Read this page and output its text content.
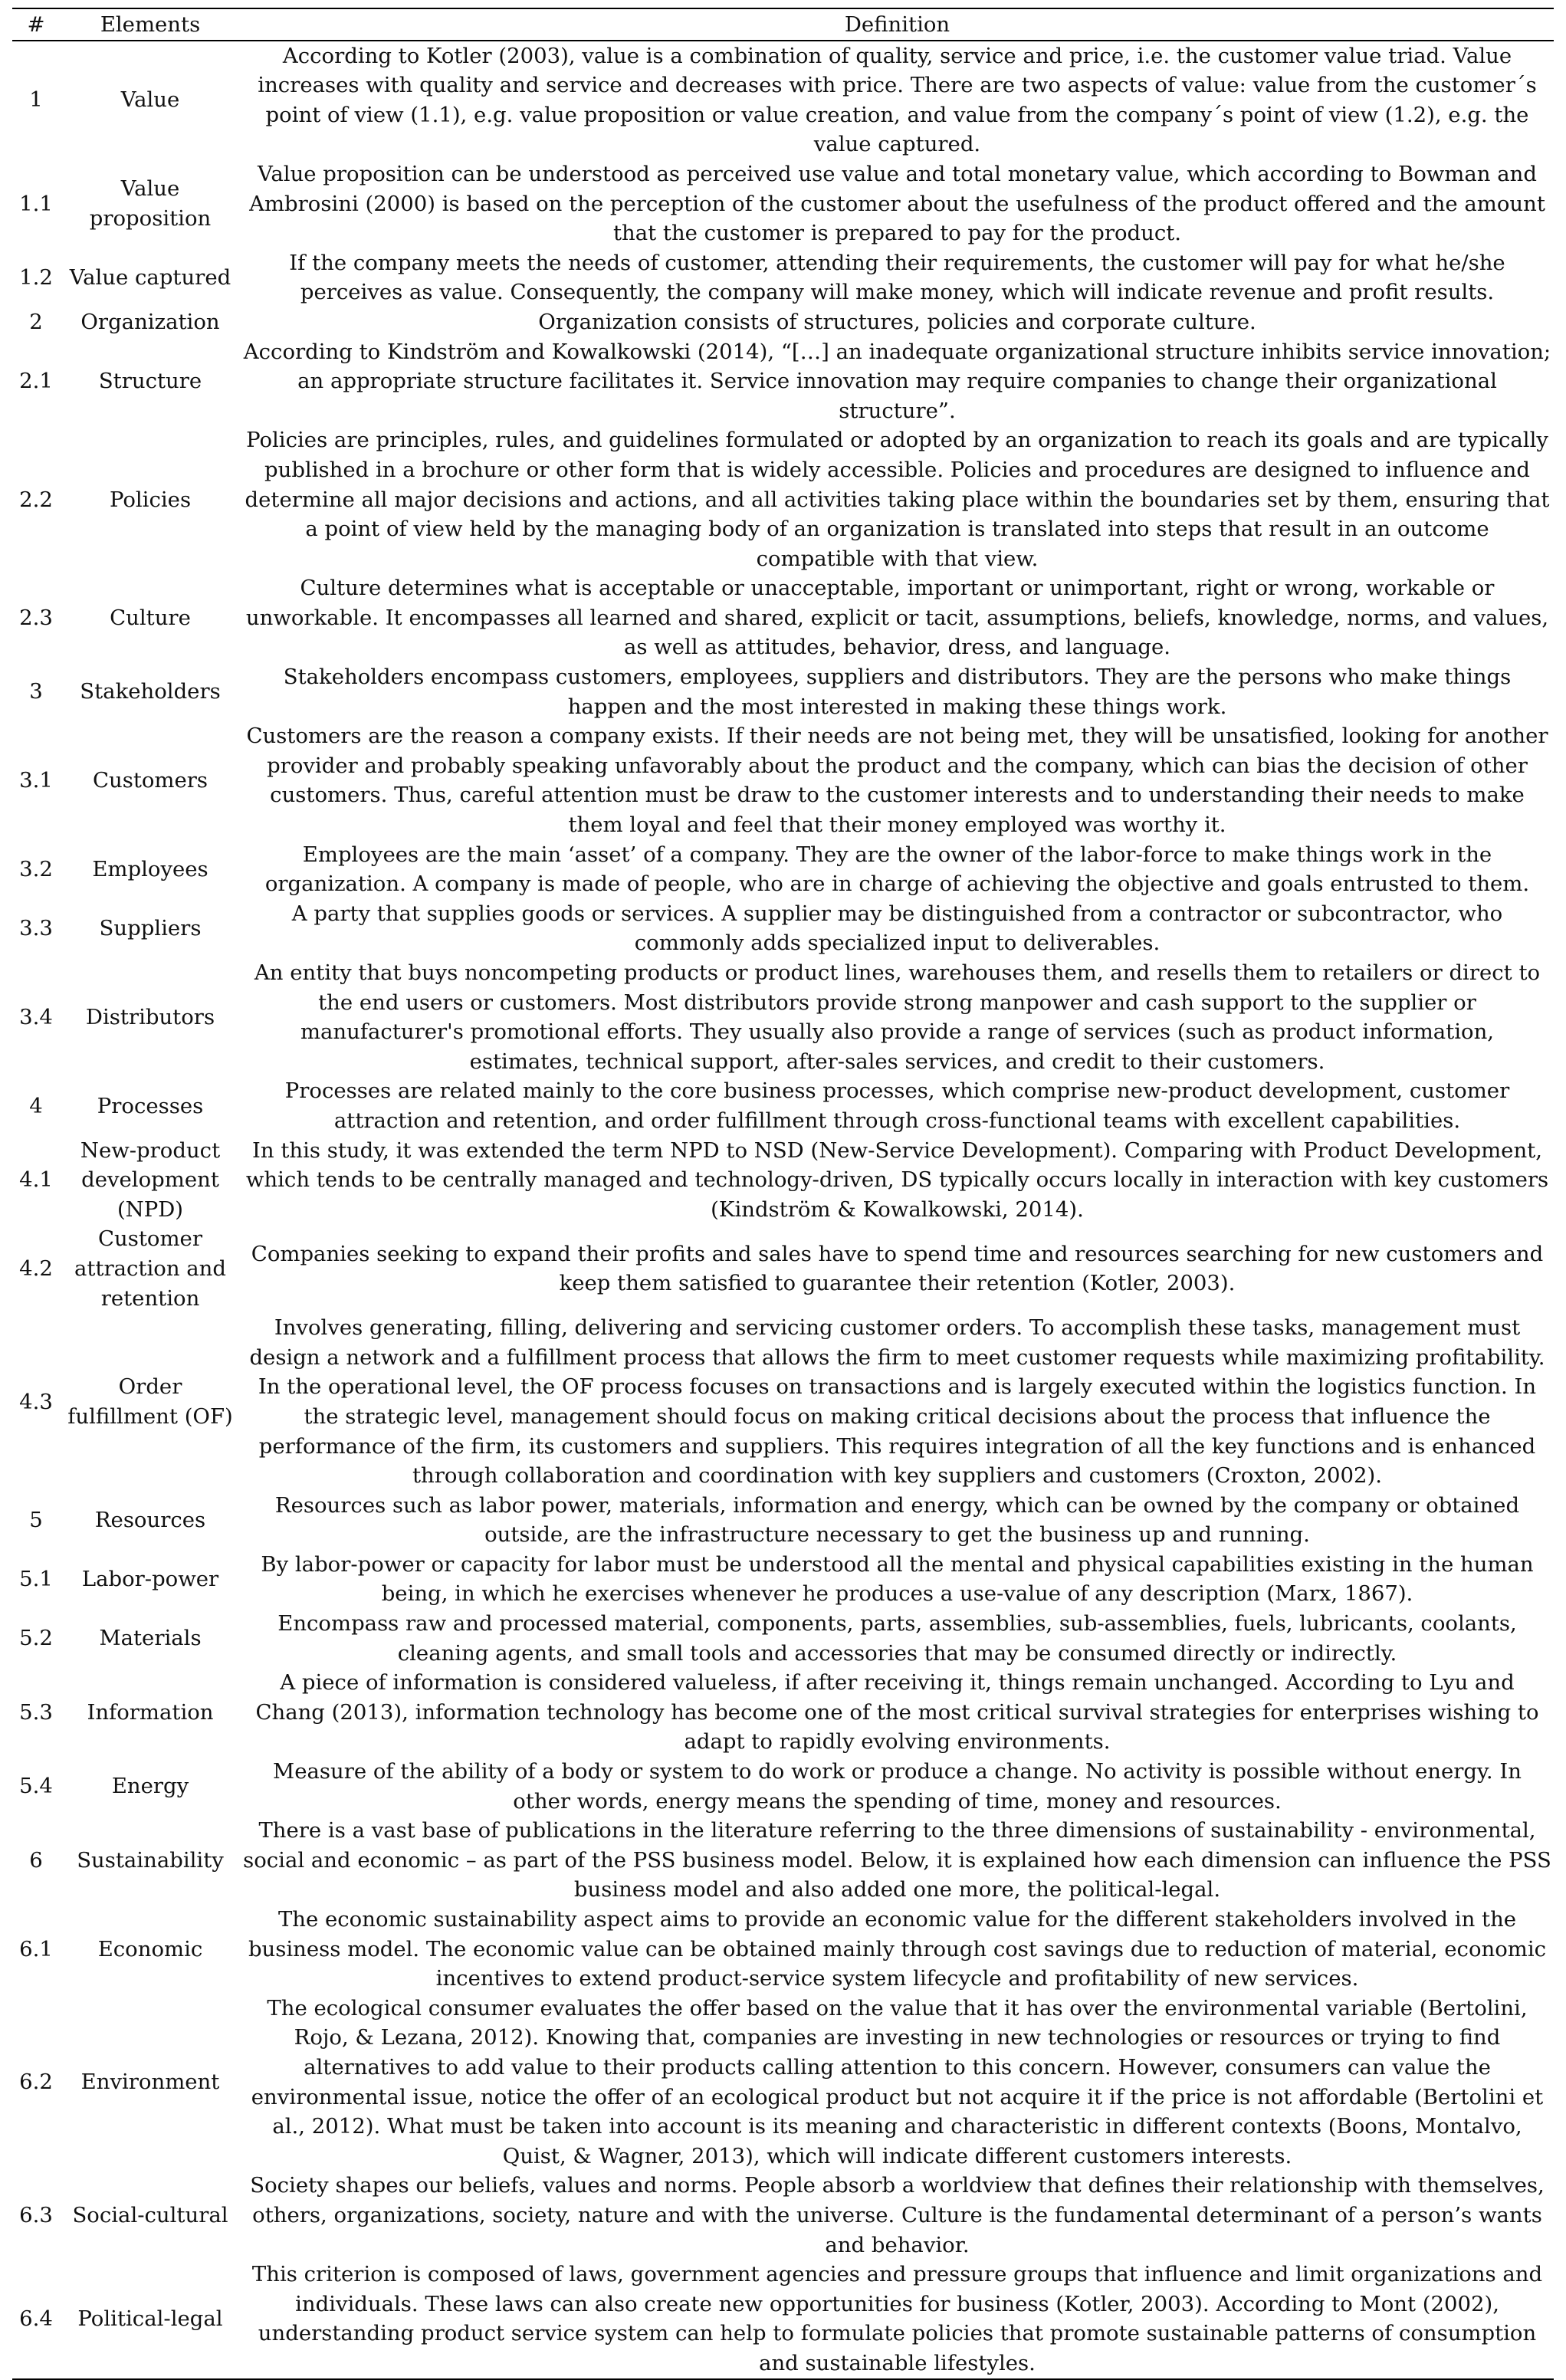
#	Elements	Definition
1	Value	According to Kotler (2003), value is a combination of quality, service and price, i.e. the customer value triad. Value increases with quality and service and decreases with price. There are two aspects of value: value from the customer´s point of view (1.1), e.g. value proposition or value creation, and value from the company´s point of view (1.2), e.g. the value captured.
1.1	Value proposition	Value proposition can be understood as perceived use value and total monetary value, which according to Bowman and Ambrosini (2000) is based on the perception of the customer about the usefulness of the product offered and the amount that the customer is prepared to pay for the product.
1.2	Value captured	If the company meets the needs of customer, attending their requirements, the customer will pay for what he/she perceives as value. Consequently, the company will make money, which will indicate revenue and profit results.
2	Organization	Organization consists of structures, policies and corporate culture.
2.1	Structure	According to Kindström and Kowalkowski (2014), “[…] an inadequate organizational structure inhibits service innovation; an appropriate structure facilitates it. Service innovation may require companies to change their organizational structure”.
2.2	Policies	Policies are principles, rules, and guidelines formulated or adopted by an organization to reach its goals and are typically published in a brochure or other form that is widely accessible. Policies and procedures are designed to influence and determine all major decisions and actions, and all activities taking place within the boundaries set by them, ensuring that a point of view held by the managing body of an organization is translated into steps that result in an outcome compatible with that view.
2.3	Culture	Culture determines what is acceptable or unacceptable, important or unimportant, right or wrong, workable or unworkable. It encompasses all learned and shared, explicit or tacit, assumptions, beliefs, knowledge, norms, and values, as well as attitudes, behavior, dress, and language.
3	Stakeholders	Stakeholders encompass customers, employees, suppliers and distributors. They are the persons who make things happen and the most interested in making these things work.
3.1	Customers	Customers are the reason a company exists. If their needs are not being met, they will be unsatisfied, looking for another provider and probably speaking unfavorably about the product and the company, which can bias the decision of other customers. Thus, careful attention must be draw to the customer interests and to understanding their needs to make them loyal and feel that their money employed was worthy it.
3.2	Employees	Employees are the main ‘asset’ of a company. They are the owner of the labor-force to make things work in the organization. A company is made of people, who are in charge of achieving the objective and goals entrusted to them.
3.3	Suppliers	A party that supplies goods or services. A supplier may be distinguished from a contractor or subcontractor, who commonly adds specialized input to deliverables.
3.4	Distributors	An entity that buys noncompeting products or product lines, warehouses them, and resells them to retailers or direct to the end users or customers. Most distributors provide strong manpower and cash support to the supplier or manufacturer's promotional efforts. They usually also provide a range of services (such as product information, estimates, technical support, after-sales services, and credit to their customers.
4	Processes	Processes are related mainly to the core business processes, which comprise new-product development, customer attraction and retention, and order fulfillment through cross-functional teams with excellent capabilities.
4.1	New-product development (NPD)	In this study, it was extended the term NPD to NSD (New-Service Development). Comparing with Product Development, which tends to be centrally managed and technology-driven, DS typically occurs locally in interaction with key customers (Kindström & Kowalkowski, 2014).
4.2	Customer attraction and retention	Companies seeking to expand their profits and sales have to spend time and resources searching for new customers and keep them satisfied to guarantee their retention (Kotler, 2003).
4.3	Order fulfillment (OF)	Involves generating, filling, delivering and servicing customer orders. To accomplish these tasks, management must design a network and a fulfillment process that allows the firm to meet customer requests while maximizing profitability. In the operational level, the OF process focuses on transactions and is largely executed within the logistics function. In the strategic level, management should focus on making critical decisions about the process that influence the performance of the firm, its customers and suppliers. This requires integration of all the key functions and is enhanced through collaboration and coordination with key suppliers and customers (Croxton, 2002).
5	Resources	Resources such as labor power, materials, information and energy, which can be owned by the company or obtained outside, are the infrastructure necessary to get the business up and running.
5.1	Labor-power	By labor-power or capacity for labor must be understood all the mental and physical capabilities existing in the human being, in which he exercises whenever he produces a use-value of any description (Marx, 1867).
5.2	Materials	Encompass raw and processed material, components, parts, assemblies, sub-assemblies, fuels, lubricants, coolants, cleaning agents, and small tools and accessories that may be consumed directly or indirectly.
5.3	Information	A piece of information is considered valueless, if after receiving it, things remain unchanged. According to Lyu and Chang (2013), information technology has become one of the most critical survival strategies for enterprises wishing to adapt to rapidly evolving environments.
5.4	Energy	Measure of the ability of a body or system to do work or produce a change. No activity is possible without energy. In other words, energy means the spending of time, money and resources.
6	Sustainability	There is a vast base of publications in the literature referring to the three dimensions of sustainability - environmental, social and economic – as part of the PSS business model. Below, it is explained how each dimension can influence the PSS business model and also added one more, the political-legal.
6.1	Economic	The economic sustainability aspect aims to provide an economic value for the different stakeholders involved in the business model. The economic value can be obtained mainly through cost savings due to reduction of material, economic incentives to extend product-service system lifecycle and profitability of new services.
6.2	Environment	The ecological consumer evaluates the offer based on the value that it has over the environmental variable (Bertolini, Rojo, & Lezana, 2012). Knowing that, companies are investing in new technologies or resources or trying to find alternatives to add value to their products calling attention to this concern. However, consumers can value the environmental issue, notice the offer of an ecological product but not acquire it if the price is not affordable (Bertolini et al., 2012). What must be taken into account is its meaning and characteristic in different contexts (Boons, Montalvo, Quist, & Wagner, 2013), which will indicate different customers interests.
6.3	Social-cultural	Society shapes our beliefs, values and norms. People absorb a worldview that defines their relationship with themselves, others, organizations, society, nature and with the universe. Culture is the fundamental determinant of a person’s wants and behavior.
6.4	Political-legal	This criterion is composed of laws, government agencies and pressure groups that influence and limit organizations and individuals. These laws can also create new opportunities for business (Kotler, 2003). According to Mont (2002), understanding product service system can help to formulate policies that promote sustainable patterns of consumption and sustainable lifestyles.
